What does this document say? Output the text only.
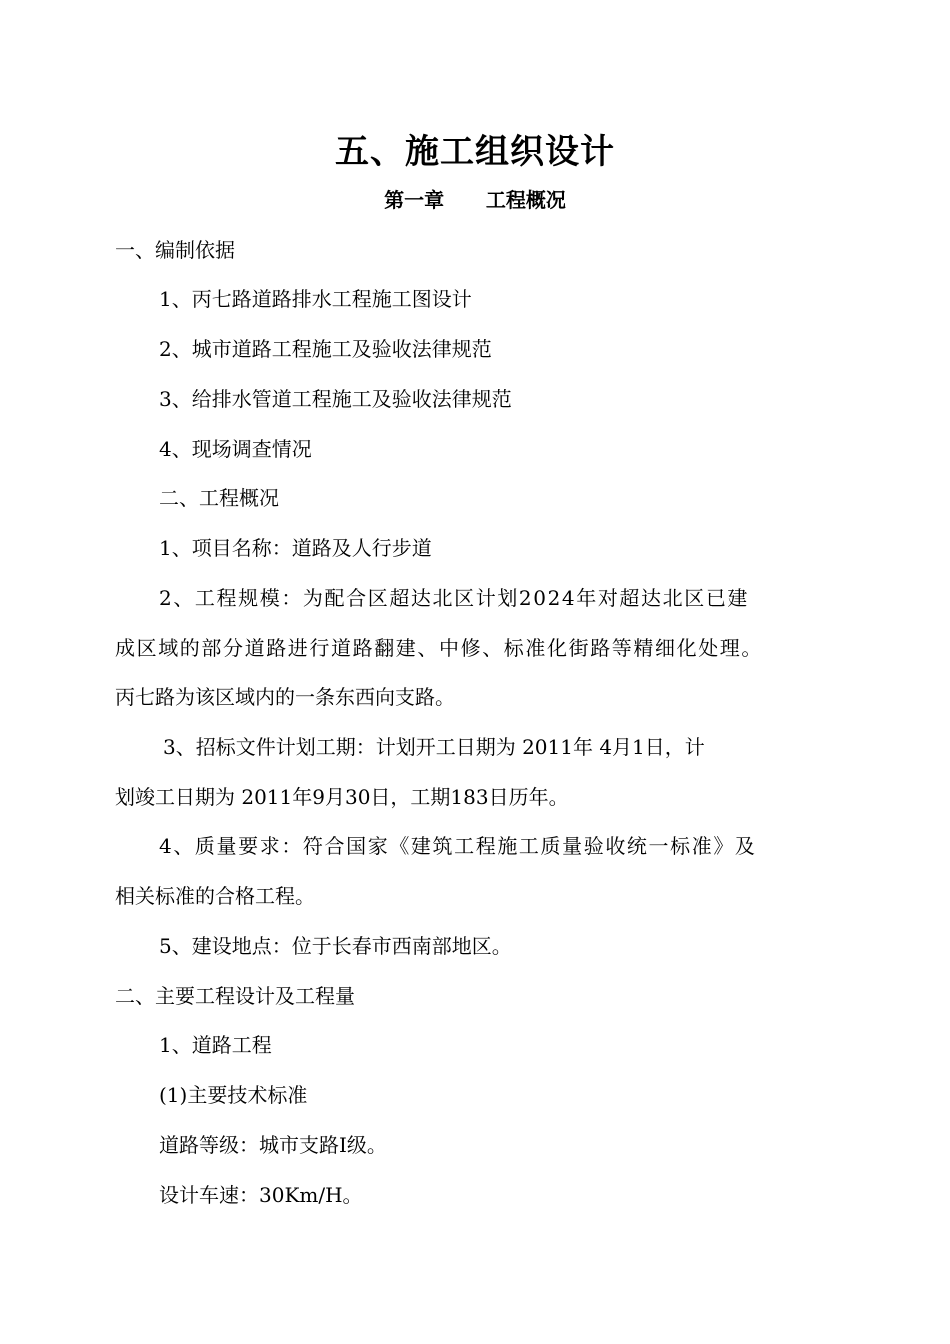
五、施工组织设计
第一章      工程概况
一、编制依据
1、丙七路道路排水工程施工图设计
2、城市道路工程施工及验收法律规范
3、给排水管道工程施工及验收法律规范
4、现场调查情况
二、工程概况
1、项目名称：道路及人行步道
2、工程规模：为配合区超达北区计划2024年对超达北区已建
成区域的部分道路进行道路翻建、中修、标准化街路等精细化处理。
丙七路为该区域内的一条东西向支路。
3、招标文件计划工期：计划开工日期为 2011年 4月1日，计
划竣工日期为 2011年9月30日，工期183日历年。
4、质量要求：符合国家《建筑工程施工质量验收统一标准》及
相关标准的合格工程。
5、建设地点：位于长春市西南部地区。
二、主要工程设计及工程量
1、道路工程
(1)主要技术标准
道路等级：城市支路Ⅰ级。
设计车速：30Km/H。
